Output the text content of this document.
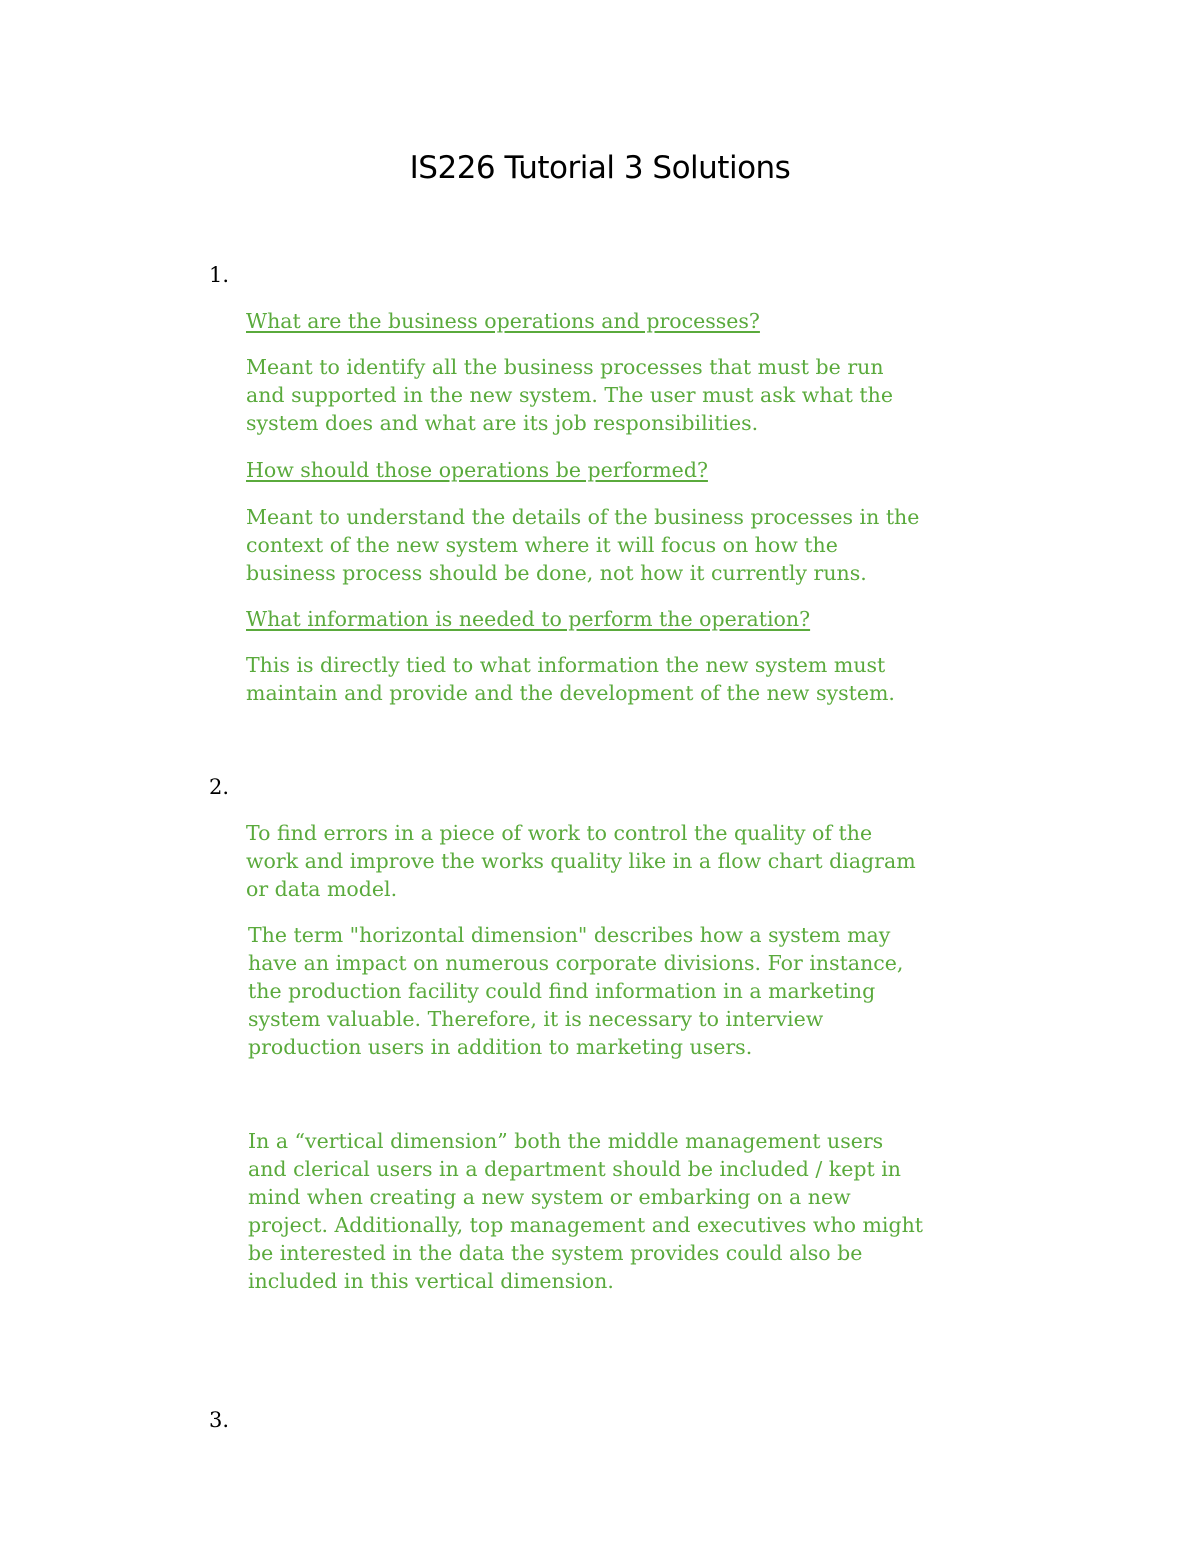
IS226 Tutorial 3 Solutions
1.
What are the business operations and processes?
Meant to identify all the business processes that must be run
and supported in the new system. The user must ask what the
system does and what are its job responsibilities.
How should those operations be performed?
Meant to understand the details of the business processes in the
context of the new system where it will focus on how the
business process should be done, not how it currently runs.
What information is needed to perform the operation?
This is directly tied to what information the new system must
maintain and provide and the development of the new system.
2.
To find errors in a piece of work to control the quality of the
work and improve the works quality like in a flow chart diagram
or data model.
The term "horizontal dimension" describes how a system may
have an impact on numerous corporate divisions. For instance,
the production facility could find information in a marketing
system valuable. Therefore, it is necessary to interview
production users in addition to marketing users.
In a “vertical dimension” both the middle management users
and clerical users in a department should be included / kept in
mind when creating a new system or embarking on a new
project. Additionally, top management and executives who might
be interested in the data the system provides could also be
included in this vertical dimension.
3.
